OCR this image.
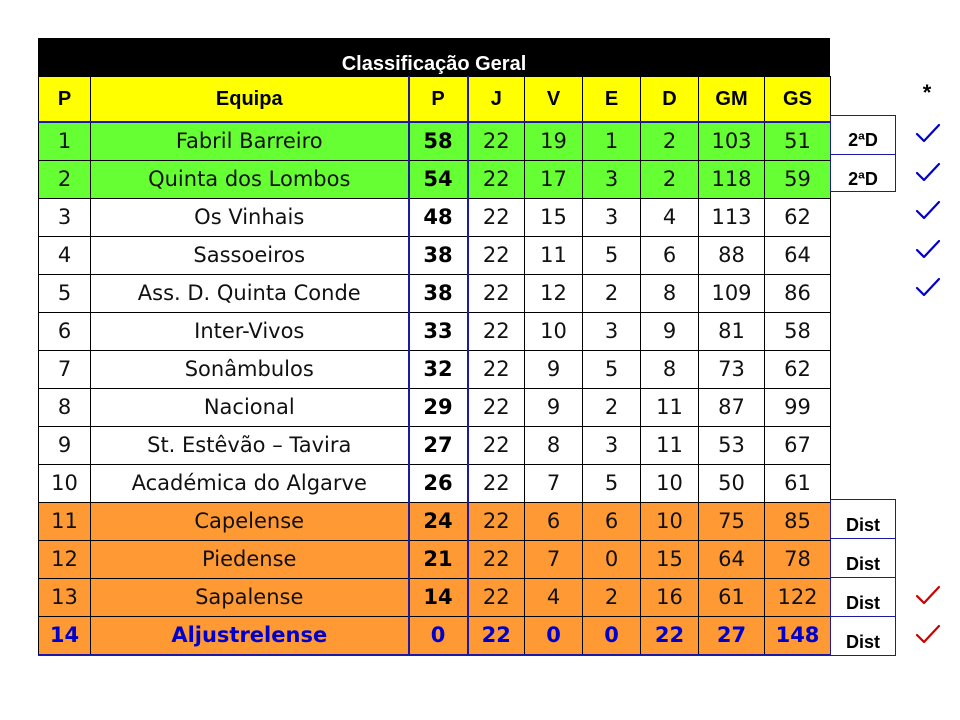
Classificação Geral
P	Equipa	P	J	V	E	D	GM	GS
1	Fabril Barreiro	58	22	19	1	2	103	51
2	Quinta dos Lombos	54	22	17	3	2	118	59
3	Os Vinhais	48	22	15	3	4	113	62
4	Sassoeiros	38	22	11	5	6	88	64
5	Ass. D. Quinta Conde	38	22	12	2	8	109	86
6	Inter-Vivos	33	22	10	3	9	81	58
7	Sonâmbulos	32	22	9	5	8	73	62
8	Nacional	29	22	9	2	11	87	99
9	St. Estêvão – Tavira	27	22	8	3	11	53	67
10	Académica do Algarve	26	22	7	5	10	50	61
11	Capelense	24	22	6	6	10	75	85
12	Piedense	21	22	7	0	15	64	78
13	Sapalense	14	22	4	2	16	61	122
14	Aljustrelense	0	22	0	0	22	27	148
2ªD
2ªD
Dist
Dist
Dist
Dist
*
